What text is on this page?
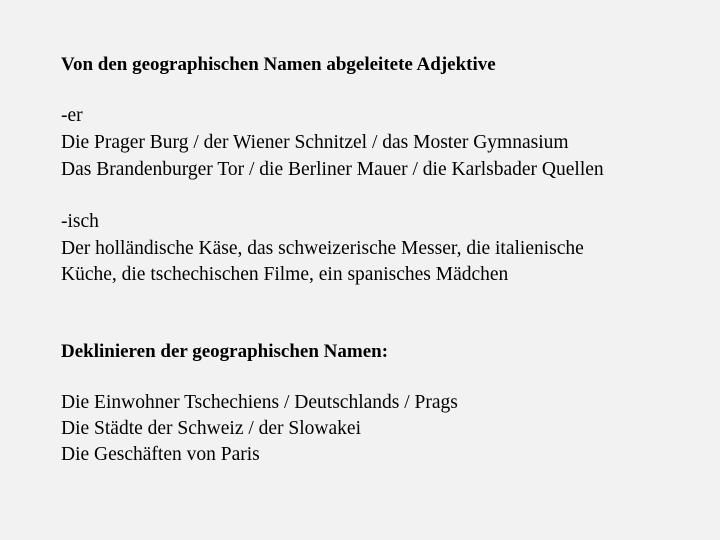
Von den geographischen Namen abgeleitete Adjektive
-er
Die Prager Burg / der Wiener Schnitzel / das Moster Gymnasium
Das Brandenburger Tor / die Berliner Mauer / die Karlsbader Quellen
-isch
Der holländische Käse, das schweizerische Messer, die italienische
Küche, die tschechischen Filme, ein spanisches Mädchen
Deklinieren der geographischen Namen:
Die Einwohner Tschechiens / Deutschlands / Prags
Die Städte der Schweiz / der Slowakei
Die Geschäften von Paris
